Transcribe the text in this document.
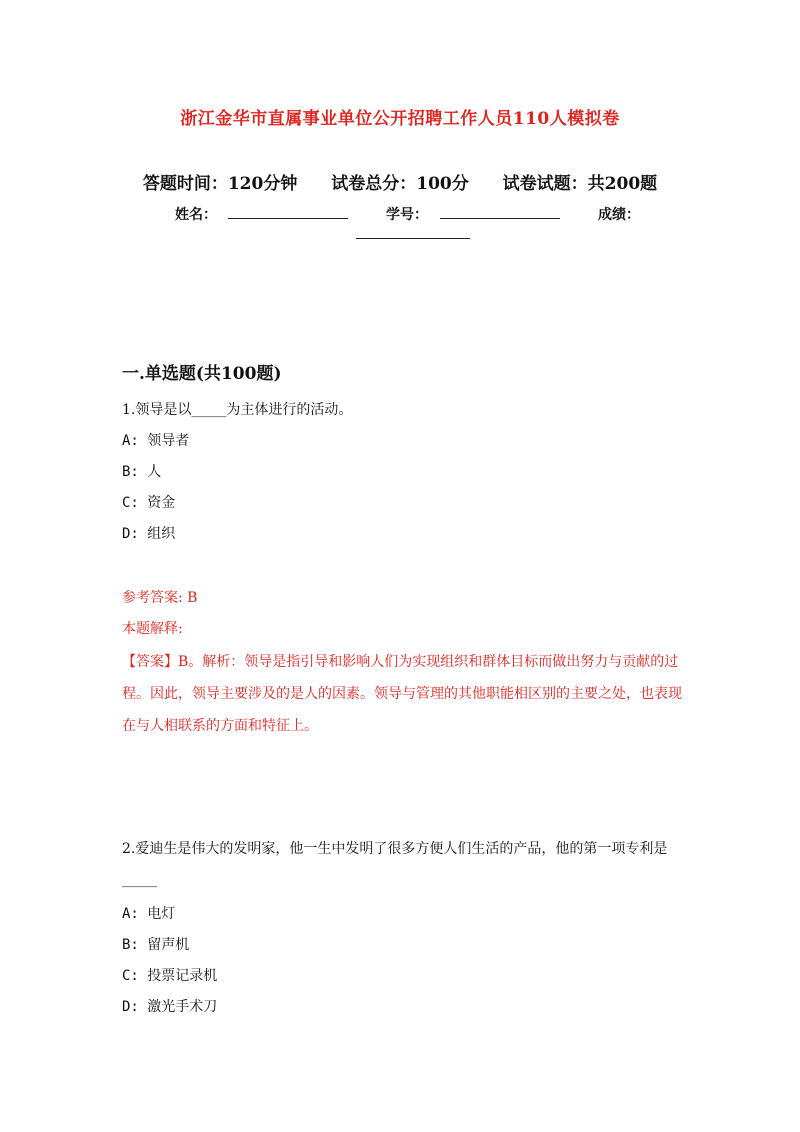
浙江金华市直属事业单位公开招聘工作人员110人模拟卷
答题时间：120分钟 试卷总分：100分 试卷试题：共200题
姓名：	学号：	成绩：
一.单选题(共100题)
1.领导是以_____为主体进行的活动。
A: 领导者
B: 人
C: 资金
D: 组织
参考答案: B
本题解释:
【答案】B。解析：领导是指引导和影响人们为实现组织和群体目标而做出努力与贡献的过程。因此，领导主要涉及的是人的因素。领导与管理的其他职能相区别的主要之处，也表现在与人相联系的方面和特征上。
2.爱迪生是伟大的发明家，他一生中发明了很多方便人们生活的产品，他的第一项专利是_____
A: 电灯
B: 留声机
C: 投票记录机
D: 激光手术刀
